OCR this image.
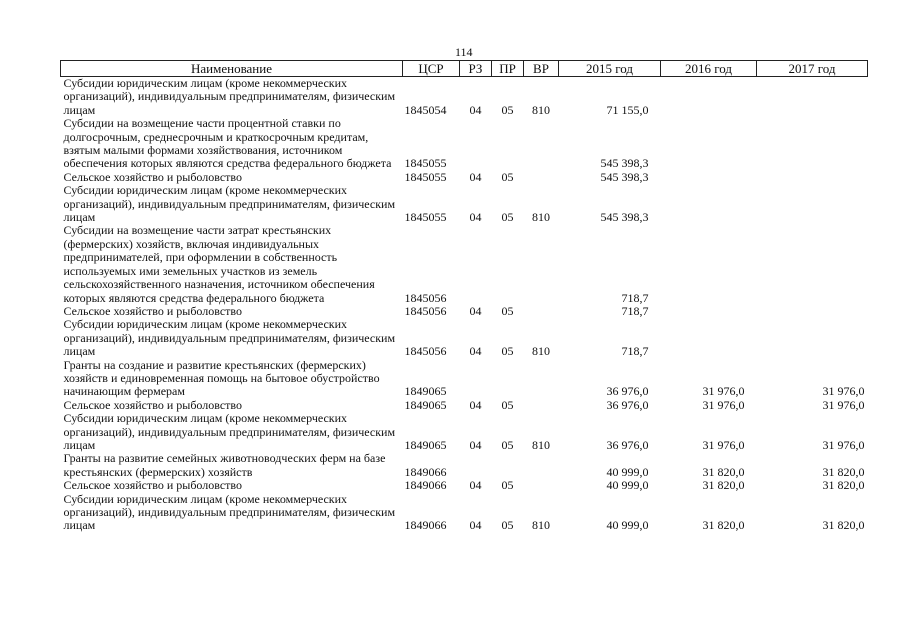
114
Наименование	ЦСР	РЗ	ПР	ВР	2015 год	2016 год	2017 год
Субсидии юридическим лицам (кроме некоммерческих организаций), индивидуальным предпринимателям, физическим лицам	1845054	04	05	810	71 155,0		
Субсидии на возмещение части процентной ставки по долгосрочным, среднесрочным и краткосрочным кредитам, взятым малыми формами хозяйствования, источником обеспечения которых являются средства федерального бюджета	1845055				545 398,3		
Сельское хозяйство и рыболовство	1845055	04	05		545 398,3		
Субсидии юридическим лицам (кроме некоммерческих организаций), индивидуальным предпринимателям, физическим лицам	1845055	04	05	810	545 398,3		
Субсидии на возмещение части затрат крестьянских (фермерских) хозяйств, включая индивидуальных предпринимателей, при оформлении в собственность используемых ими земельных участков из земель сельскохозяйственного назначения, источником обеспечения которых являются средства федерального бюджета	1845056				718,7		
Сельское хозяйство и рыболовство	1845056	04	05		718,7		
Субсидии юридическим лицам (кроме некоммерческих организаций), индивидуальным предпринимателям, физическим лицам	1845056	04	05	810	718,7		
Гранты на создание и развитие крестьянских (фермерских) хозяйств и единовременная помощь на бытовое обустройство начинающим фермерам	1849065				36 976,0	31 976,0	31 976,0
Сельское хозяйство и рыболовство	1849065	04	05		36 976,0	31 976,0	31 976,0
Субсидии юридическим лицам (кроме некоммерческих организаций), индивидуальным предпринимателям, физическим лицам	1849065	04	05	810	36 976,0	31 976,0	31 976,0
Гранты на развитие семейных животноводческих ферм на базе крестьянских (фермерских) хозяйств	1849066				40 999,0	31 820,0	31 820,0
Сельское хозяйство и рыболовство	1849066	04	05		40 999,0	31 820,0	31 820,0
Субсидии юридическим лицам (кроме некоммерческих организаций), индивидуальным предпринимателям, физическим лицам	1849066	04	05	810	40 999,0	31 820,0	31 820,0
